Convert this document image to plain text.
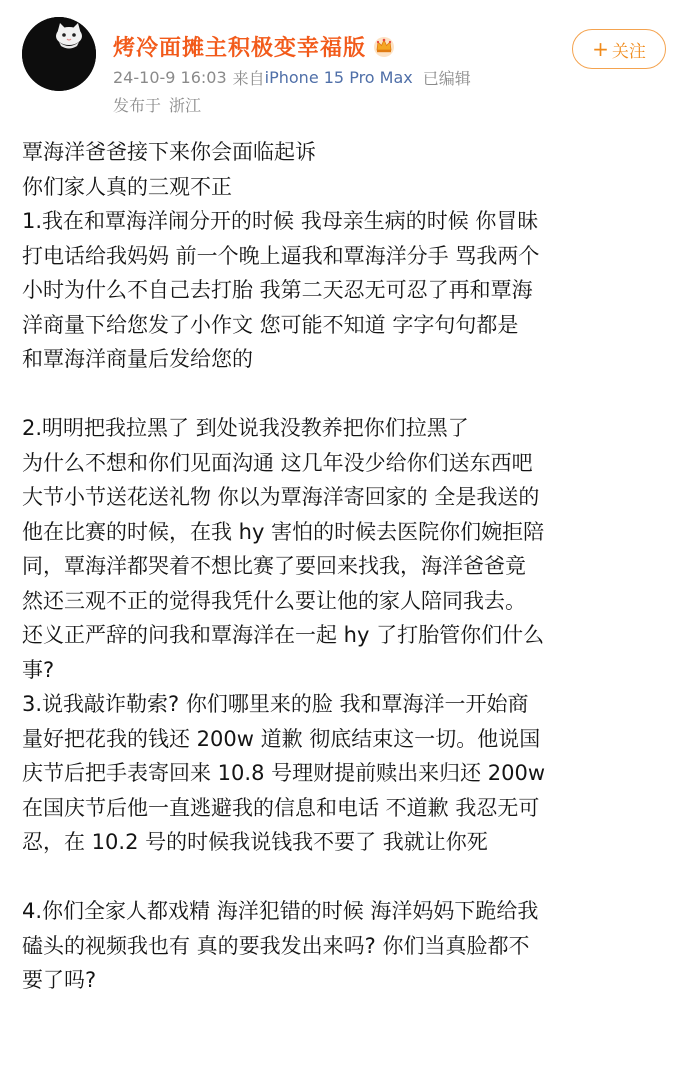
烤冷面摊主积极变幸福版
24-10-9 16:03 来自 iPhone 15 Pro Max 已编辑
发布于 浙江
+ 关注

覃海洋爸爸接下来你会面临起诉

你们家人真的三观不正

1.我在和覃海洋闹分开的时候 我母亲生病的时候 你冒昧

打电话给我妈妈 前一个晚上逼我和覃海洋分手 骂我两个

小时为什么不自己去打胎 我第二天忍无可忍了再和覃海

洋商量下给您发了小作文 您可能不知道 字字句句都是

和覃海洋商量后发给您的

2.明明把我拉黑了 到处说我没教养把你们拉黑了

为什么不想和你们见面沟通 这几年没少给你们送东西吧

大节小节送花送礼物 你以为覃海洋寄回家的 全是我送的

他在比赛的时候，在我 hy 害怕的时候去医院你们婉拒陪

同，覃海洋都哭着不想比赛了要回来找我，海洋爸爸竟

然还三观不正的觉得我凭什么要让他的家人陪同我去。

还义正严辞的问我和覃海洋在一起 hy 了打胎管你们什么

事?

3.说我敲诈勒索? 你们哪里来的脸 我和覃海洋一开始商

量好把花我的钱还 200w 道歉 彻底结束这一切。他说国

庆节后把手表寄回来 10.8 号理财提前赎出来归还 200w

在国庆节后他一直逃避我的信息和电话 不道歉 我忍无可

忍，在 10.2 号的时候我说钱我不要了 我就让你死

4.你们全家人都戏精 海洋犯错的时候 海洋妈妈下跪给我

磕头的视频我也有 真的要我发出来吗? 你们当真脸都不

要了吗?
